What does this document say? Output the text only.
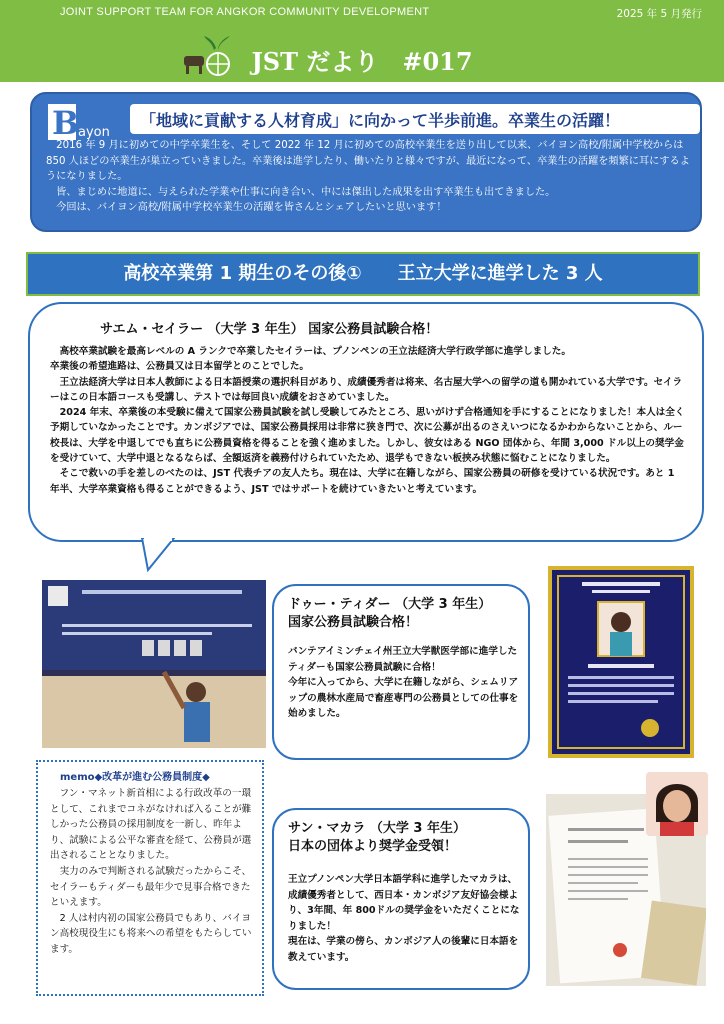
JOINT SUPPORT TEAM FOR ANGKOR COMMUNITY DEVELOPMENT	2025 年 5 月発行
JST だより　#017
B
ayon
「地域に貢献する人材育成」に向かって半歩前進。卒業生の活躍！

　2016 年 9 月に初めての中学卒業生を、そして 2022 年 12 月に初めての高校卒業生を送り出して以来、バイヨン高校/附属中学校からは 850 人ほどの卒業生が巣立っていきました。卒業後は進学したり、働いたりと様々ですが、最近になって、卒業生の活躍を頻繁に耳にするようになりました。

　皆、まじめに地道に、与えられた学業や仕事に向き合い、中には傑出した成果を出す卒業生も出てきました。

　今回は、バイヨン高校/附属中学校卒業生の活躍を皆さんとシェアしたいと思います！

高校卒業第 1 期生のその後①　　王立大学に進学した 3 人
サエム・セイラー （大学 3 年生） 国家公務員試験合格！

高校卒業試験を最高レベルの A ランクで卒業したセイラーは、プノンペンの王立法経済大学行政学部に進学しました。

卒業後の希望進路は、公務員又は日本留学とのことでした。

王立法経済大学は日本人教師による日本語授業の選択科目があり、成績優秀者は将来、名古屋大学への留学の道も開かれている大学です。セイラーはこの日本語コースも受講し、テストでは毎回良い成績をおさめていました。

2024 年末、卒業後の本受験に備えて国家公務員試験を試し受験してみたところ、思いがけず合格通知を手にすることになりました！本人は全く予期していなかったことです。カンボジアでは、国家公務員採用は非常に狭き門で、次に公募が出るのさえいつになるかわからないことから、ルー校長は、大学を中退してでも直ちに公務員資格を得ることを強く進めました。しかし、彼女はある NGO 団体から、年間 3,000 ドル以上の奨学金を受けていて、大学中退となるならば、全額返済を義務付けられていたため、退学もできない板挟み状態に悩むことになりました。

そこで救いの手を差しのべたのは、JST 代表チアの友人たち。現在は、大学に在籍しながら、国家公務員の研修を受けている状況です。あと 1 年半、大学卒業資格も得ることができるよう、JST ではサポートを続けていきたいと考えています。

ドゥー・ティダー （大学 3 年生）
国家公務員試験合格！
バンテアイミンチェイ州王立大学獣医学部に進学したティダーも国家公務員試験に合格！
今年に入ってから、大学に在籍しながら、シェムリアップの農林水産局で畜産専門の公務員としての仕事を始めました。
memo◆改革が進む公務員制度◆

フン・マネット新首相による行政改革の一環として、これまでコネがなければ入ることが難しかった公務員の採用制度を一新し、昨年より、試験による公平な審査を経て、公務員が選出されることとなりました。

実力のみで判断される試験だったからこそ、セイラーもティダーも最年少で見事合格できたといえます。

2 人は村内初の国家公務員でもあり、バイヨン高校現役生にも将来への希望をもたらしています。

サン・マカラ （大学 3 年生）
日本の団体より奨学金受領！
王立プノンペン大学日本語学科に進学したマカラは、成績優秀者として、西日本・カンボジア友好協会様より、3年間、年 800ドルの奨学金をいただくことになりました！
現在は、学業の傍ら、カンボジア人の後輩に日本語を教えています。
